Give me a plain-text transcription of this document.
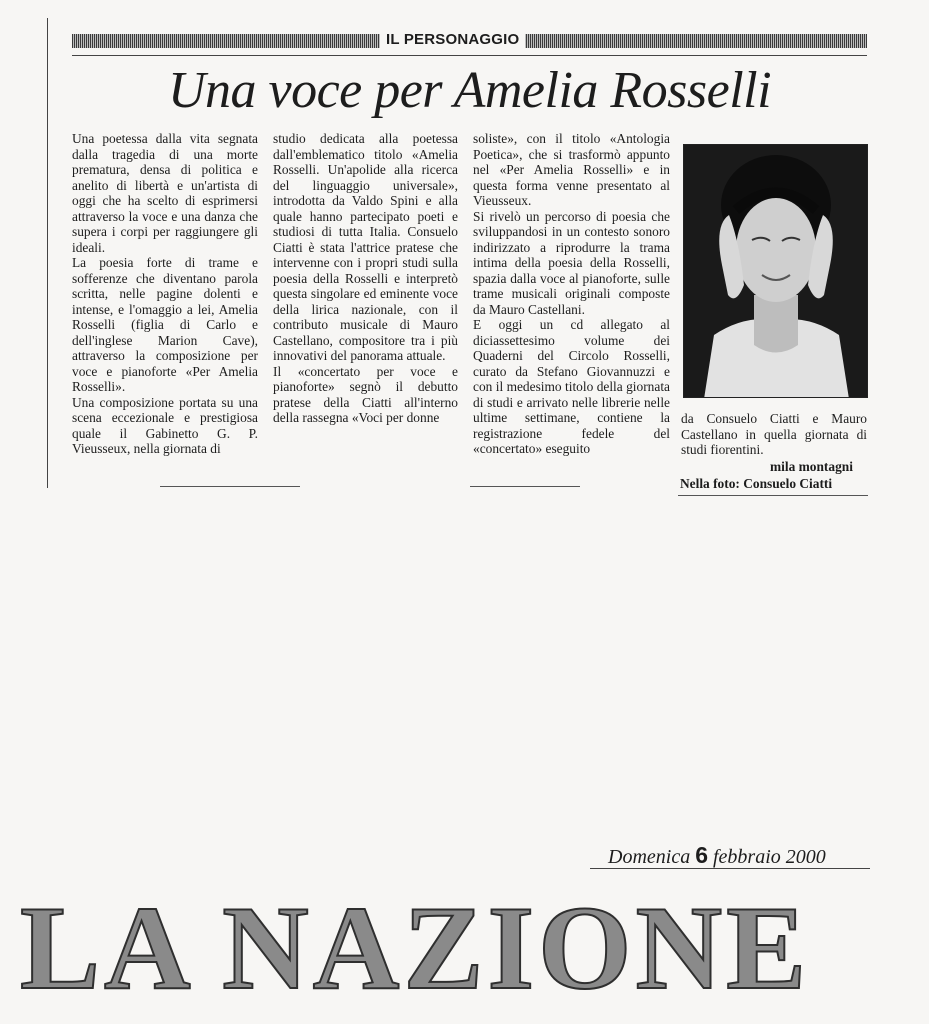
IL PERSONAGGIO
Una voce per Amelia Rosselli

Una poetessa dalla vita segnata dalla tragedia di una morte prematura, densa di politica e anelito di libertà e un'artista di oggi che ha scelto di esprimersi attraverso la voce e una danza che supera i corpi per raggiungere gli ideali.

La poesia forte di trame e sofferenze che diventano parola scritta, nelle pagine dolenti e intense, e l'omaggio a lei, Amelia Rosselli (figlia di Carlo e dell'inglese Marion Cave), attraverso la composizione per voce e pianoforte «Per Amelia Rosselli».

Una composizione portata su una scena eccezionale e prestigiosa quale il Gabinetto G. P. Vieusseux, nella giornata di

studio dedicata alla poetessa dall'emblematico titolo «Amelia Rosselli. Un'apolide alla ricerca del linguaggio universale», introdotta da Valdo Spini e alla quale hanno partecipato poeti e studiosi di tutta Italia. Consuelo Ciatti è stata l'attrice pratese che intervenne con i propri studi sulla poesia della Rosselli e interpretò questa singolare ed eminente voce della lirica nazionale, con il contributo musicale di Mauro Castellano, compositore tra i più innovativi del panorama attuale.

Il «concertato per voce e pianoforte» segnò il debutto pratese della Ciatti all'interno della rassegna «Voci per donne

soliste», con il titolo «Antologia Poetica», che si trasformò appunto nel «Per Amelia Rosselli» e in questa forma venne presentato al Vieusseux.

Si rivelò un percorso di poesia che sviluppandosi in un contesto sonoro indirizzato a riprodurre la trama intima della poesia della Rosselli, spazia dalla voce al pianoforte, sulle trame musicali originali composte da Mauro Castellani.

E oggi un cd allegato al diciassettesimo volume dei Quaderni del Circolo Rosselli, curato da Stefano Giovannuzzi e con il medesimo titolo della giornata di studi e arrivato nelle librerie nelle ultime settimane, contiene la registrazione fedele del «concertato» eseguito

da Consuelo Ciatti e Mauro Castellano in quella giornata di studi fiorentini.

mila montagni
Nella foto: Consuelo Ciatti
Domenica 6 febbraio 2000
LA NAZIONE
